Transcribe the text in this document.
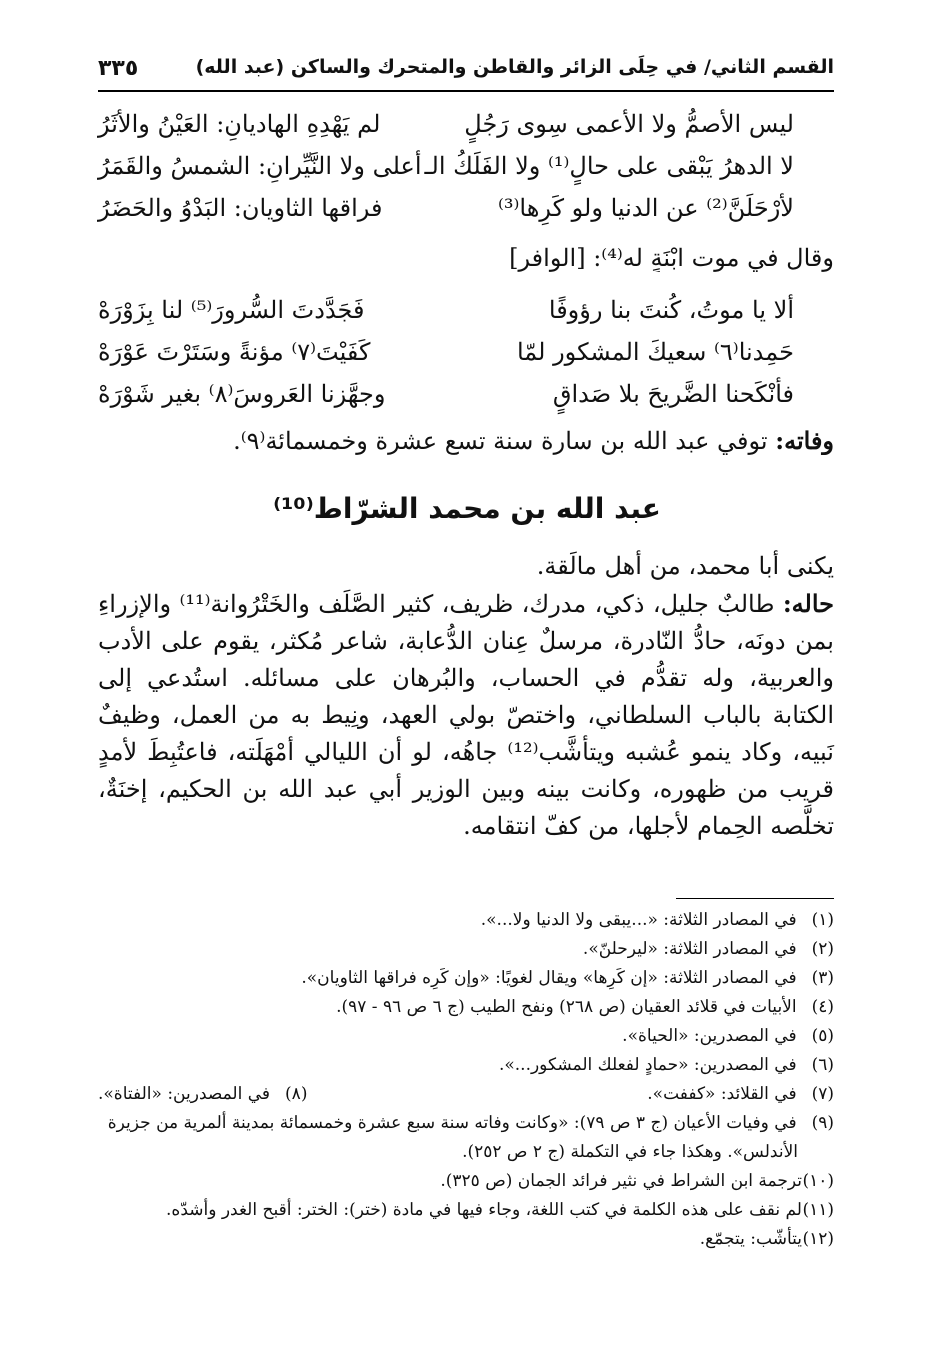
القسم الثاني/ في حِلَى الزائر والقاطن والمتحرك والساكن (عبد الله)
٣٣٥
ليس الأصمُّ ولا الأعمى سِوى رَجُلٍ
لم يَهْدِهِ الهاديانِ: العَيْنُ والأثَرُ
لا الدهرُ يَبْقى على حالٍ⁽¹⁾ ولا الفَلَكُ الـ
أعلى ولا النَّيِّرانِ: الشمسُ والقَمَرُ
لأرْحَلَنَّ⁽²⁾ عن الدنيا ولو كَرِها⁽³⁾
فراقها الثاويان: البَدْوُ والحَضَرُ
وقال في موت ابْنَةٍ له⁽⁴⁾: [الوافر]
ألا يا موتُ، كُنتَ بنا رؤوفًا
فَجَدَّدتَ السُّرورَ⁽⁵⁾ لنا بِزَوْرَهْ
حَمِدنا⁽٦⁾ سعيكَ المشكور لمّا
كَفَيْتَ⁽٧⁾ مؤنةً وسَتَرْتَ عَوْرَهْ
فأنْكَحنا الضَّريحَ بلا صَداقٍ
وجهَّزنا العَروسَ⁽٨⁾ بغير شَوْرَهْ
وفاته: توفي عبد الله بن سارة سنة تسع عشرة وخمسمائة⁽٩⁾.
عبد الله بن محمد الشرّاط⁽¹⁰⁾

يكنى أبا محمد، من أهل مالَقة.

حاله: طالبٌ جليل، ذكي، مدرك، ظريف، كثير الصَّلَف والخَتْرُوانة⁽¹¹⁾ والإزراءِ بمن دونَه، حادُّ النّادرة، مرسلٌ عِنان الدُّعابة، شاعر مُكثر، يقوم على الأدب والعربية، وله تقدُّم في الحساب، والبُرهان على مسائله. استُدعي إلى الكتابة بالباب السلطاني، واختصّ بولي العهد، ونِيط به من العمل، وظيفٌ نَبيه، وكاد ينمو عُشبه ويتأشَّب⁽¹²⁾ جاهُه، لو أن الليالي أمْهَلَته، فاعتُبِطَ لأمدٍ قريب من ظهوره، وكانت بينه وبين الوزير أبي عبد الله بن الحكيم، إخنَةٌ، تخلَّصه الحِمام لأجلها، من كفّ انتقامه.

(١) في المصادر الثلاثة: «...يبقى ولا الدنيا ولا...».
(٢) في المصادر الثلاثة: «ليرحلنّ».
(٣) في المصادر الثلاثة: «إن كَرِها» ويقال لغويًا: «وإن كَرِه فراقها الثاويان».
(٤) الأبيات في قلائد العقيان (ص ٢٦٨) ونفح الطيب (ج ٦ ص ٩٦ - ٩٧).
(٥) في المصدرين: «الحياة».
(٦) في المصدرين: «حمادٍ لفعلك المشكور...».
(٧) في القلائد: «كففت».
(٨) في المصدرين: «الفتاة».
(٩) في وفيات الأعيان (ج ٣ ص ٧٩): «وكانت وفاته سنة سبع عشرة وخمسمائة بمدينة ألمرية من جزيرة الأندلس». وهكذا جاء في التكملة (ج ٢ ص ٢٥٢).
(١٠)ترجمة ابن الشراط في نثير فرائد الجمان (ص ٣٢٥).
(١١)لم نقف على هذه الكلمة في كتب اللغة، وجاء فيها في مادة (ختر): الختر: أقبح الغدر وأشدّه.
(١٢)يتأشّب: يتجمّع.
